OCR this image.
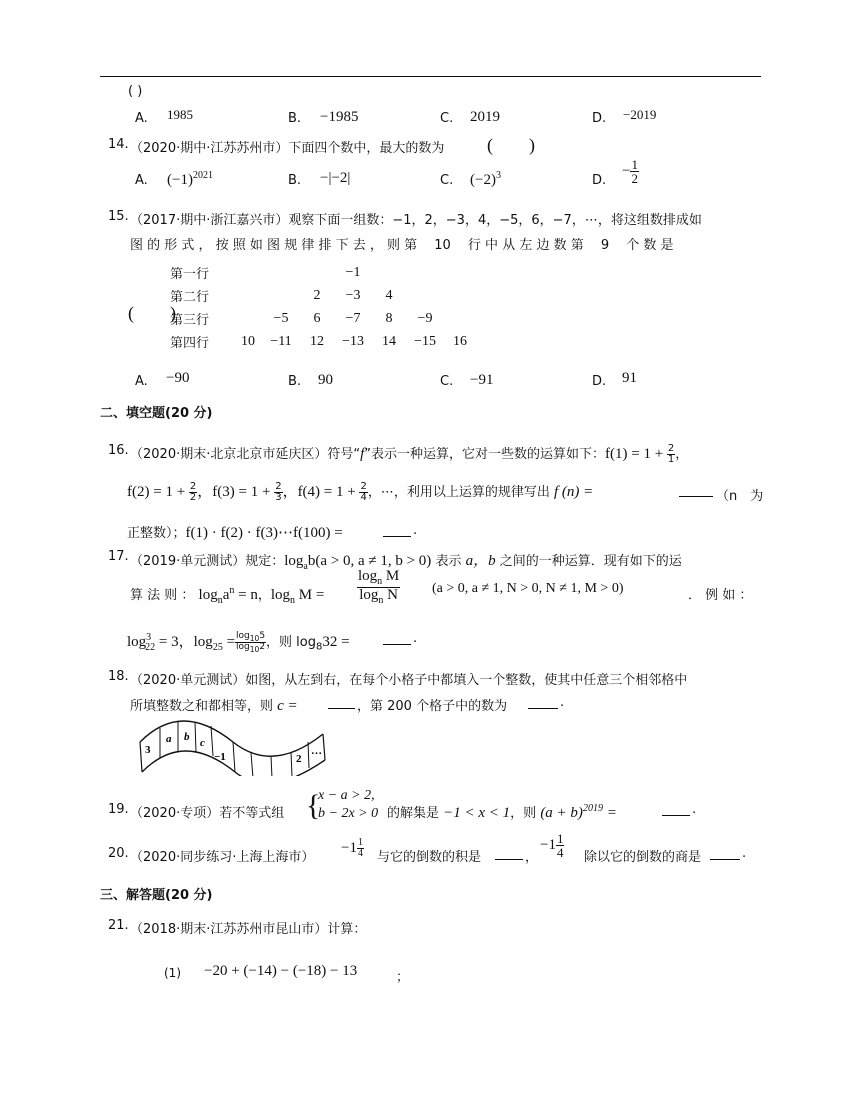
( )
A. 1985	B. −1985	C. 2019	D. −2019
14. （2020·期中·江苏苏州市）下面四个数中，最大的数为 (　　)
A. $(-1)^{2021}$	B. −|−2|	C. $(-2)^3$	D.
− $\frac{1}{2}$
15. （2017·期中·浙江嘉兴市）观察下面一组数：−1，2，−3，4，−5，6，−7，⋯，将这组数排成如
图 的 形 式 ， 按 照 如 图 规 律 排 下 去 ， 则 第　 10　 行 中 从 左 边 数 第　 9　 个 数 是
(　　)
第一行				−1			
第二行			2	−3	4		
第三行		−5	6	−7	8	−9	
第四行	10	−11	12	−13	14	−15	16
A. −90	B. 90	C. −91	D. 91
二、填空题(20 分)
16. （2020·期末·北京北京市延庆区）符号“f”表示一种运算，它对一些数的运算如下：$f(1) = 1 + \frac{2}{1}$ ，
$f(2) = 1 + \frac{2}{2}$ ，$f(3) = 1 + \frac{2}{3}$ ，$f(4) = 1 + \frac{2}{4}$ ，⋯，利用以上运算的规律写出 f (n) =	（n　为
正整数）；f(1) · f(2) · f(3)⋯f(100) =	.
17. （2019·单元测试）规定：$\log_ab(a > 0$, a ≠ 1, b > 0) 表示 a，b 之间的一种运算．现有如下的运
算 法 则 ： $\log_na^n = n$，$\log_n M = \frac{\log_n M}{\log_n N} (a > 0$, a ≠ 1, N > 0, N ≠ 1, M > 0)	． 例 如 ：
$\log^3_{22} = 3$，$\log_{25} = \frac{\log_{10}5}{\log_{10}2}$ ，则 $\log_832$ =	.
18. （2020·单元测试）如图，从左到右，在每个小格子中都填入一个整数，使其中任意三个相邻格中
所填整数之和都相等，则 c =	，第 200 个格子中的数为	.
3
a b c
−1	2
…
19. （2020·专项）若不等式组 {
x − a > 2,
b − 2x > 0 的解集是 −1 < x < 1，则 $(a + b)^{2019}$ =	.
20. （2020·同步练习·上海上海市）
$-1 \frac{1}{4}$ 与它的倒数的积是	，
$-1 \frac{1}{4}$ 除以它的倒数的商是	.
三、解答题(20 分)
21. （2018·期末·江苏苏州市昆山市）计算：
(1) −20 + (−14) − (−18) − 13	；
